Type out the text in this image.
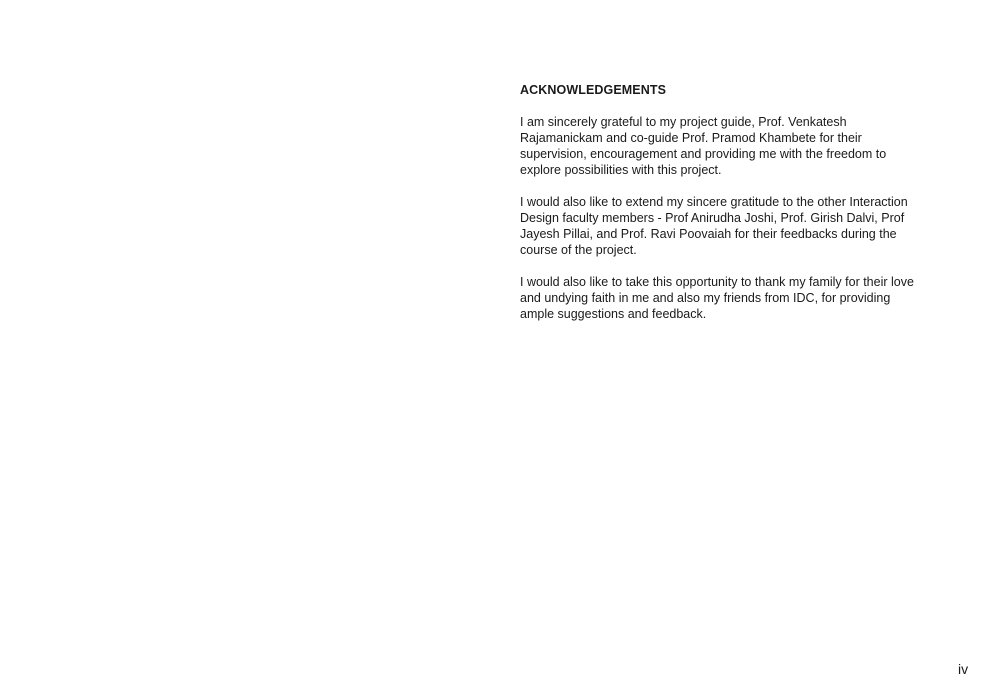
ACKNOWLEDGEMENTS

I am sincerely grateful to my project guide, Prof. Venkatesh Rajamanickam and co-guide Prof. Pramod Khambete for their supervision, encouragement and providing me with the freedom to explore possibilities with this project.

I would also like to extend my sincere gratitude to the other Interaction Design faculty members - Prof Anirudha Joshi, Prof. Girish Dalvi, Prof Jayesh Pillai, and Prof. Ravi Poovaiah for their feedbacks during the course of the project.

I would also like to take this opportunity to thank my family for their love and undying faith in me and also my friends from IDC, for providing ample suggestions and feedback.

iv
